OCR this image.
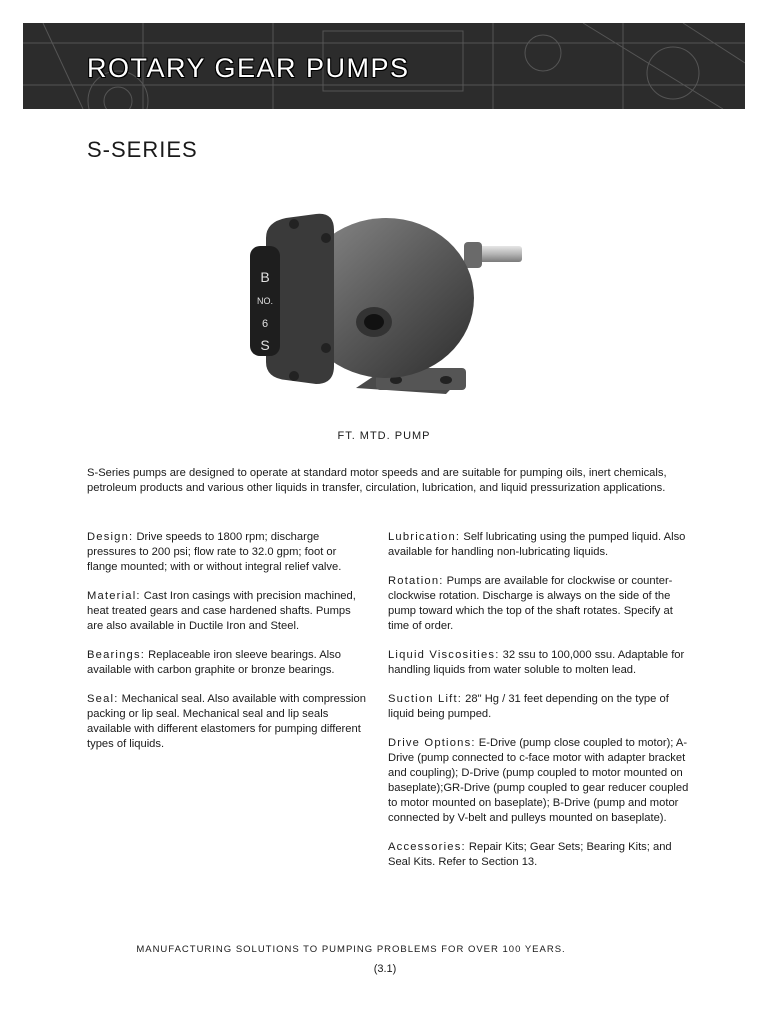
ROTARY GEAR PUMPS
S-SERIES
B
NO.
6
S
FT. MTD. PUMP
S-Series pumps are designed to operate at standard motor speeds and are suitable for pumping oils, inert chemicals, petroleum products and various other liquids in transfer, circulation, lubrication, and liquid pressurization applications.
Design: Drive speeds to 1800 rpm; discharge pressures to 200 psi; flow rate to 32.0 gpm; foot or flange mounted; with or without integral relief valve.
Material: Cast Iron casings with precision machined, heat treated gears and case hardened shafts. Pumps are also available in Ductile Iron and Steel.
Bearings: Replaceable iron sleeve bearings. Also available with carbon graphite or bronze bearings.
Seal: Mechanical seal. Also available with compression packing or lip seal. Mechanical seal and lip seals available with different elastomers for pumping different types of liquids.
Lubrication: Self lubricating using the pumped liquid. Also available for handling non-lubricating liquids.
Rotation: Pumps are available for clockwise or counter-clockwise rotation. Discharge is always on the side of the pump toward which the top of the shaft rotates. Specify at time of order.
Liquid Viscosities: 32 ssu to 100,000 ssu. Adaptable for handling liquids from water soluble to molten lead.
Suction Lift: 28" Hg / 31 feet depending on the type of liquid being pumped.
Drive Options: E-Drive (pump close coupled to motor); A-Drive (pump connected to c-face motor with adapter bracket and coupling); D-Drive (pump coupled to motor mounted on baseplate);GR-Drive (pump coupled to gear reducer coupled to motor mounted on baseplate); B-Drive (pump and motor connected by V-belt and pulleys mounted on baseplate).
Accessories: Repair Kits; Gear Sets; Bearing Kits; and Seal Kits. Refer to Section 13.
MANUFACTURING SOLUTIONS TO PUMPING PROBLEMS FOR OVER 100 YEARS.
(3.1)
